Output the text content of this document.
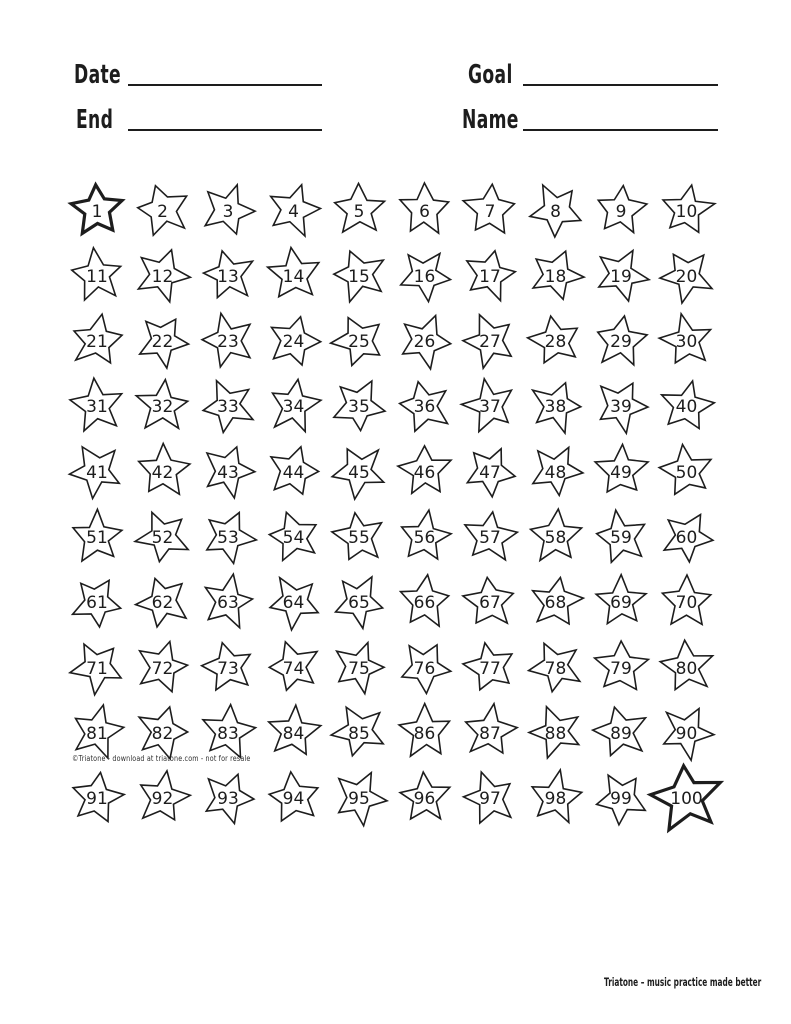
Date	Goal
End	Name
1	2	3	4	5	6	7	8	9	10
11	12	13	14	15	16	17	18	19	20
21	22	23	24	25	26	27	28	29	30
31	32	33	34	35	36	37	38	39	40
41	42	43	44	45	46	47	48	49	50
51	52	53	54	55	56	57	58	59	60
61	62	63	64	65	66	67	68	69	70
71	72	73	74	75	76	77	78	79	80
81	82	83	84	85	86	87	88	89	90
91	92	93	94	95	96	97	98	99	100
©Triatone - download at triatone.com - not for resale
Triatone – music practice made better
